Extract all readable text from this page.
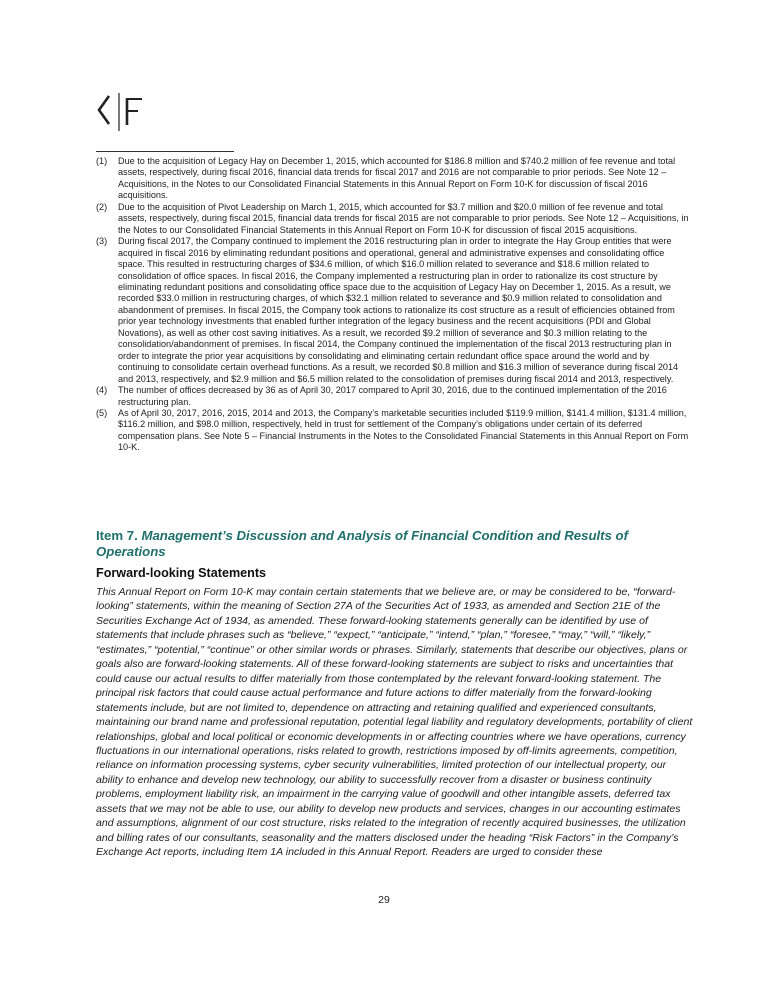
(1)	Due to the acquisition of Legacy Hay on December 1, 2015, which accounted for $186.8 million and $740.2 million of fee revenue and total assets, respectively, during fiscal 2016, financial data trends for fiscal 2017 and 2016 are not comparable to prior periods. See Note 12 – Acquisitions, in the Notes to our Consolidated Financial Statements in this Annual Report on Form 10-K for discussion of fiscal 2016 acquisitions.
(2)	Due to the acquisition of Pivot Leadership on March 1, 2015, which accounted for $3.7 million and $20.0 million of fee revenue and total assets, respectively, during fiscal 2015, financial data trends for fiscal 2015 are not comparable to prior periods. See Note 12 – Acquisitions, in the Notes to our Consolidated Financial Statements in this Annual Report on Form 10-K for discussion of fiscal 2015 acquisitions.
(3)	During fiscal 2017, the Company continued to implement the 2016 restructuring plan in order to integrate the Hay Group entities that were acquired in fiscal 2016 by eliminating redundant positions and operational, general and administrative expenses and consolidating office space. This resulted in restructuring charges of $34.6 million, of which $16.0 million related to severance and $18.6 million related to consolidation of office spaces. In fiscal 2016, the Company implemented a restructuring plan in order to rationalize its cost structure by eliminating redundant positions and consolidating office space due to the acquisition of Legacy Hay on December 1, 2015. As a result, we recorded $33.0 million in restructuring charges, of which $32.1 million related to severance and $0.9 million related to consolidation and abandonment of premises. In fiscal 2015, the Company took actions to rationalize its cost structure as a result of efficiencies obtained from prior year technology investments that enabled further integration of the legacy business and the recent acquisitions (PDI and Global Novations), as well as other cost saving initiatives. As a result, we recorded $9.2 million of severance and $0.3 million relating to the consolidation/abandonment of premises. In fiscal 2014, the Company continued the implementation of the fiscal 2013 restructuring plan in order to integrate the prior year acquisitions by consolidating and eliminating certain redundant office space around the world and by continuing to consolidate certain overhead functions. As a result, we recorded $0.8 million and $16.3 million of severance during fiscal 2014 and 2013, respectively, and $2.9 million and $6.5 million related to the consolidation of premises during fiscal 2014 and 2013, respectively.
(4)	The number of offices decreased by 36 as of April 30, 2017 compared to April 30, 2016, due to the continued implementation of the 2016 restructuring plan.
(5)	As of April 30, 2017, 2016, 2015, 2014 and 2013, the Company’s marketable securities included $119.9 million, $141.4 million, $131.4 million, $116.2 million, and $98.0 million, respectively, held in trust for settlement of the Company’s obligations under certain of its deferred compensation plans. See Note 5 – Financial Instruments in the Notes to the Consolidated Financial Statements in this Annual Report on Form 10-K.
Item 7. Management’s Discussion and Analysis of Financial Condition and Results of Operations
Forward-looking Statements

This Annual Report on Form 10-K may contain certain statements that we believe are, or may be considered to be, “forward-looking” statements, within the meaning of Section 27A of the Securities Act of 1933, as amended and Section 21E of the Securities Exchange Act of 1934, as amended. These forward-looking statements generally can be identified by use of statements that include phrases such as “believe,” “expect,” “anticipate,” “intend,” “plan,” “foresee,” “may,” “will,” “likely,” “estimates,” “potential,” “continue” or other similar words or phrases. Similarly, statements that describe our objectives, plans or goals also are forward-looking statements. All of these forward-looking statements are subject to risks and uncertainties that could cause our actual results to differ materially from those contemplated by the relevant forward-looking statement. The principal risk factors that could cause actual performance and future actions to differ materially from the forward-looking statements include, but are not limited to, dependence on attracting and retaining qualified and experienced consultants, maintaining our brand name and professional reputation, potential legal liability and regulatory developments, portability of client relationships, global and local political or economic developments in or affecting countries where we have operations, currency fluctuations in our international operations, risks related to growth, restrictions imposed by off-limits agreements, competition, reliance on information processing systems, cyber security vulnerabilities, limited protection of our intellectual property, our ability to enhance and develop new technology, our ability to successfully recover from a disaster or business continuity problems, employment liability risk, an impairment in the carrying value of goodwill and other intangible assets, deferred tax assets that we may not be able to use, our ability to develop new products and services, changes in our accounting estimates and assumptions, alignment of our cost structure, risks related to the integration of recently acquired businesses, the utilization and billing rates of our consultants, seasonality and the matters disclosed under the heading “Risk Factors” in the Company’s Exchange Act reports, including Item 1A included in this Annual Report. Readers are urged to consider these

29
